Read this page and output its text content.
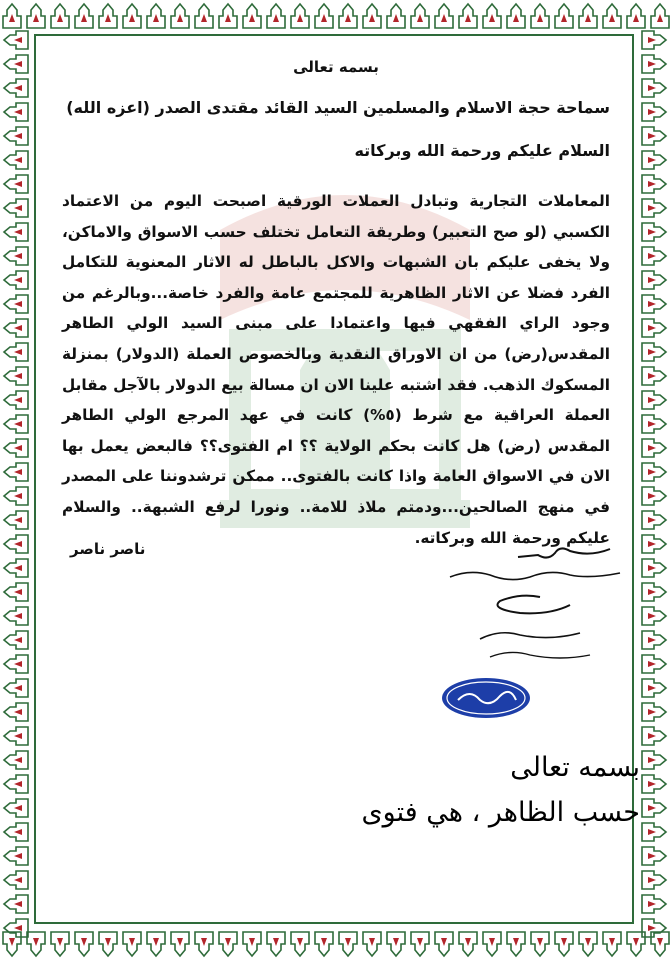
بسمه تعالى

سماحة حجة الاسلام والمسلمين السيد القائد مقتدى الصدر (اعزه الله)

السلام عليكم ورحمة الله وبركاته

المعاملات التجارية وتبادل العملات الورقية اصبحت اليوم من الاعتماد الكسبي (لو صح التعبير) وطريقة التعامل تختلف حسب الاسواق والاماكن، ولا يخفى عليكم بان الشبهات والاكل بالباطل له الاثار المعنوية للتكامل الفرد فضلا عن الاثار الظاهرية للمجتمع عامة والفرد خاصة...وبالرغم من وجود الراي الفقهي فيها واعتمادا على مبنى السيد الولي الطاهر المقدس(رض) من ان الاوراق النقدية وبالخصوص العملة (الدولار) بمنزلة المسكوك الذهب. فقد اشتبه علينا الان ان مسالة بيع الدولار بالآجل مقابل العملة العراقية مع شرط (٥%) كانت في عهد المرجع الولي الطاهر المقدس (رض) هل كانت بحكم الولاية ؟؟ ام الفتوى؟؟ فالبعض يعمل بها الان في الاسواق العامة واذا كانت بالفتوى.. ممكن ترشدوننا على المصدر في منهج الصالحين...ودمتم ملاذ للامة.. ونورا لرفع الشبهة.. والسلام عليكم ورحمة الله وبركاته.

ناصر ناصر

بسمه تعالى

حسب الظاهر ، هي فتوى
